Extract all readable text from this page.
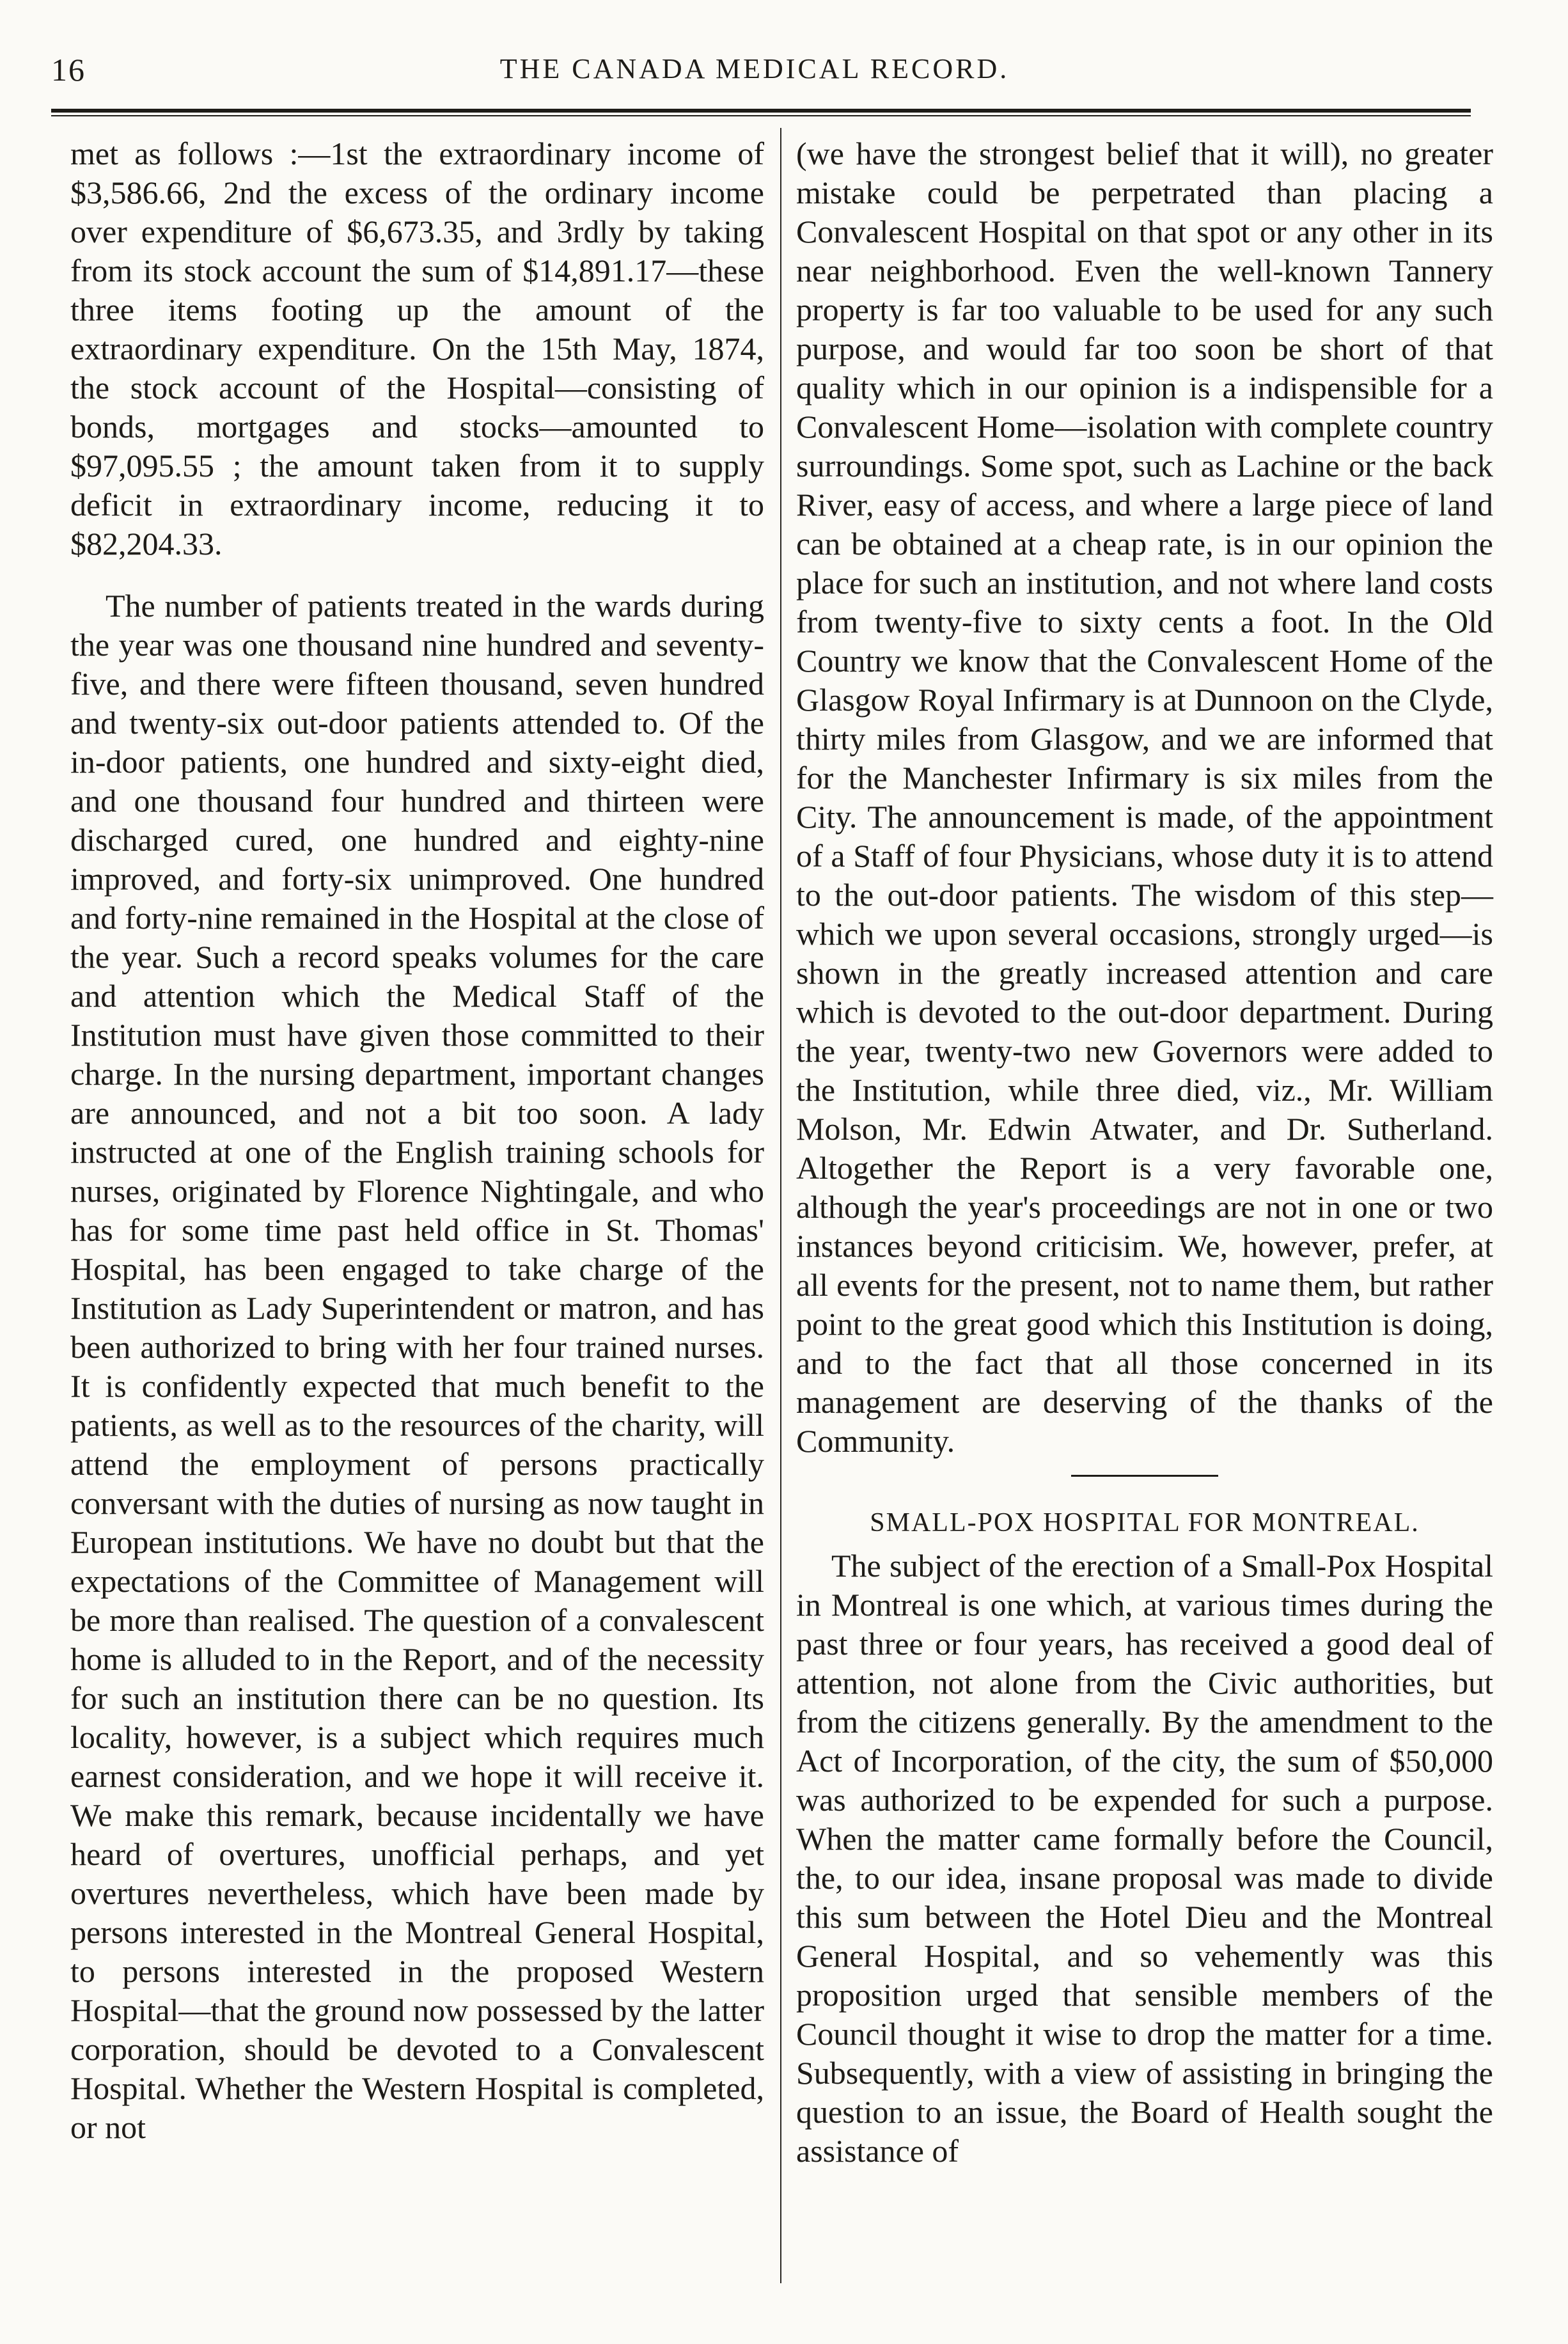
16	THE CANADA MEDICAL RECORD.

met as follows :—1st the extraordinary income of $3,586.66, 2nd the excess of the ordinary income over expenditure of $6,673.35, and 3rdly by taking from its stock account the sum of $14,891.17—these three items footing up the amount of the extraordinary expenditure. On the 15th May, 1874, the stock account of the Hospital—consisting of bonds, mortgages and stocks—amounted to $97,095.55 ; the amount taken from it to supply deficit in extraordinary income, reducing it to $82,204.33.

The number of patients treated in the wards during the year was one thousand nine hundred and seventy-five, and there were fifteen thousand, seven hundred and twenty-six out-door patients attended to. Of the in-door patients, one hundred and sixty-eight died, and one thousand four hundred and thirteen were discharged cured, one hundred and eighty-nine improved, and forty-six unimproved. One hundred and forty-nine remained in the Hospital at the close of the year. Such a record speaks volumes for the care and attention which the Medical Staff of the Institution must have given those committed to their charge. In the nursing department, important changes are announced, and not a bit too soon. A lady instructed at one of the English training schools for nurses, originated by Florence Nightingale, and who has for some time past held office in St. Thomas' Hospital, has been engaged to take charge of the Institution as Lady Superintendent or matron, and has been authorized to bring with her four trained nurses. It is confidently expected that much benefit to the patients, as well as to the resources of the charity, will attend the employment of persons practically conversant with the duties of nursing as now taught in European institutions. We have no doubt but that the expectations of the Committee of Management will be more than realised. The question of a convalescent home is alluded to in the Report, and of the necessity for such an institution there can be no question. Its locality, however, is a subject which requires much earnest consideration, and we hope it will receive it. We make this remark, because incidentally we have heard of overtures, unofficial perhaps, and yet overtures nevertheless, which have been made by persons interested in the Montreal General Hospital, to persons interested in the proposed Western Hospital—that the ground now possessed by the latter corporation, should be devoted to a Convalescent Hospital. Whether the Western Hospital is completed, or not

(we have the strongest belief that it will), no greater mistake could be perpetrated than placing a Convalescent Hospital on that spot or any other in its near neighborhood. Even the well-known Tannery property is far too valuable to be used for any such purpose, and would far too soon be short of that quality which in our opinion is a indispensible for a Convalescent Home—isolation with complete country surroundings. Some spot, such as Lachine or the back River, easy of access, and where a large piece of land can be obtained at a cheap rate, is in our opinion the place for such an institution, and not where land costs from twenty-five to sixty cents a foot. In the Old Country we know that the Convalescent Home of the Glasgow Royal Infirmary is at Dunnoon on the Clyde, thirty miles from Glasgow, and we are informed that for the Manchester Infirmary is six miles from the City. The announcement is made, of the appointment of a Staff of four Physicians, whose duty it is to attend to the out-door patients. The wisdom of this step—which we upon several occasions, strongly urged—is shown in the greatly increased attention and care which is devoted to the out-door department. During the year, twenty-two new Governors were added to the Institution, while three died, viz., Mr. William Molson, Mr. Edwin Atwater, and Dr. Sutherland. Altogether the Report is a very favorable one, although the year's proceedings are not in one or two instances beyond criticisim. We, however, prefer, at all events for the present, not to name them, but rather point to the great good which this Institution is doing, and to the fact that all those concerned in its management are deserving of the thanks of the Community.

SMALL-POX HOSPITAL FOR MONTREAL.

The subject of the erection of a Small-Pox Hospital in Montreal is one which, at various times during the past three or four years, has received a good deal of attention, not alone from the Civic authorities, but from the citizens generally. By the amendment to the Act of Incorporation, of the city, the sum of $50,000 was authorized to be expended for such a purpose. When the matter came formally before the Council, the, to our idea, insane proposal was made to divide this sum between the Hotel Dieu and the Montreal General Hospital, and so vehemently was this proposition urged that sensible members of the Council thought it wise to drop the matter for a time. Subsequently, with a view of assisting in bringing the question to an issue, the Board of Health sought the assistance of
